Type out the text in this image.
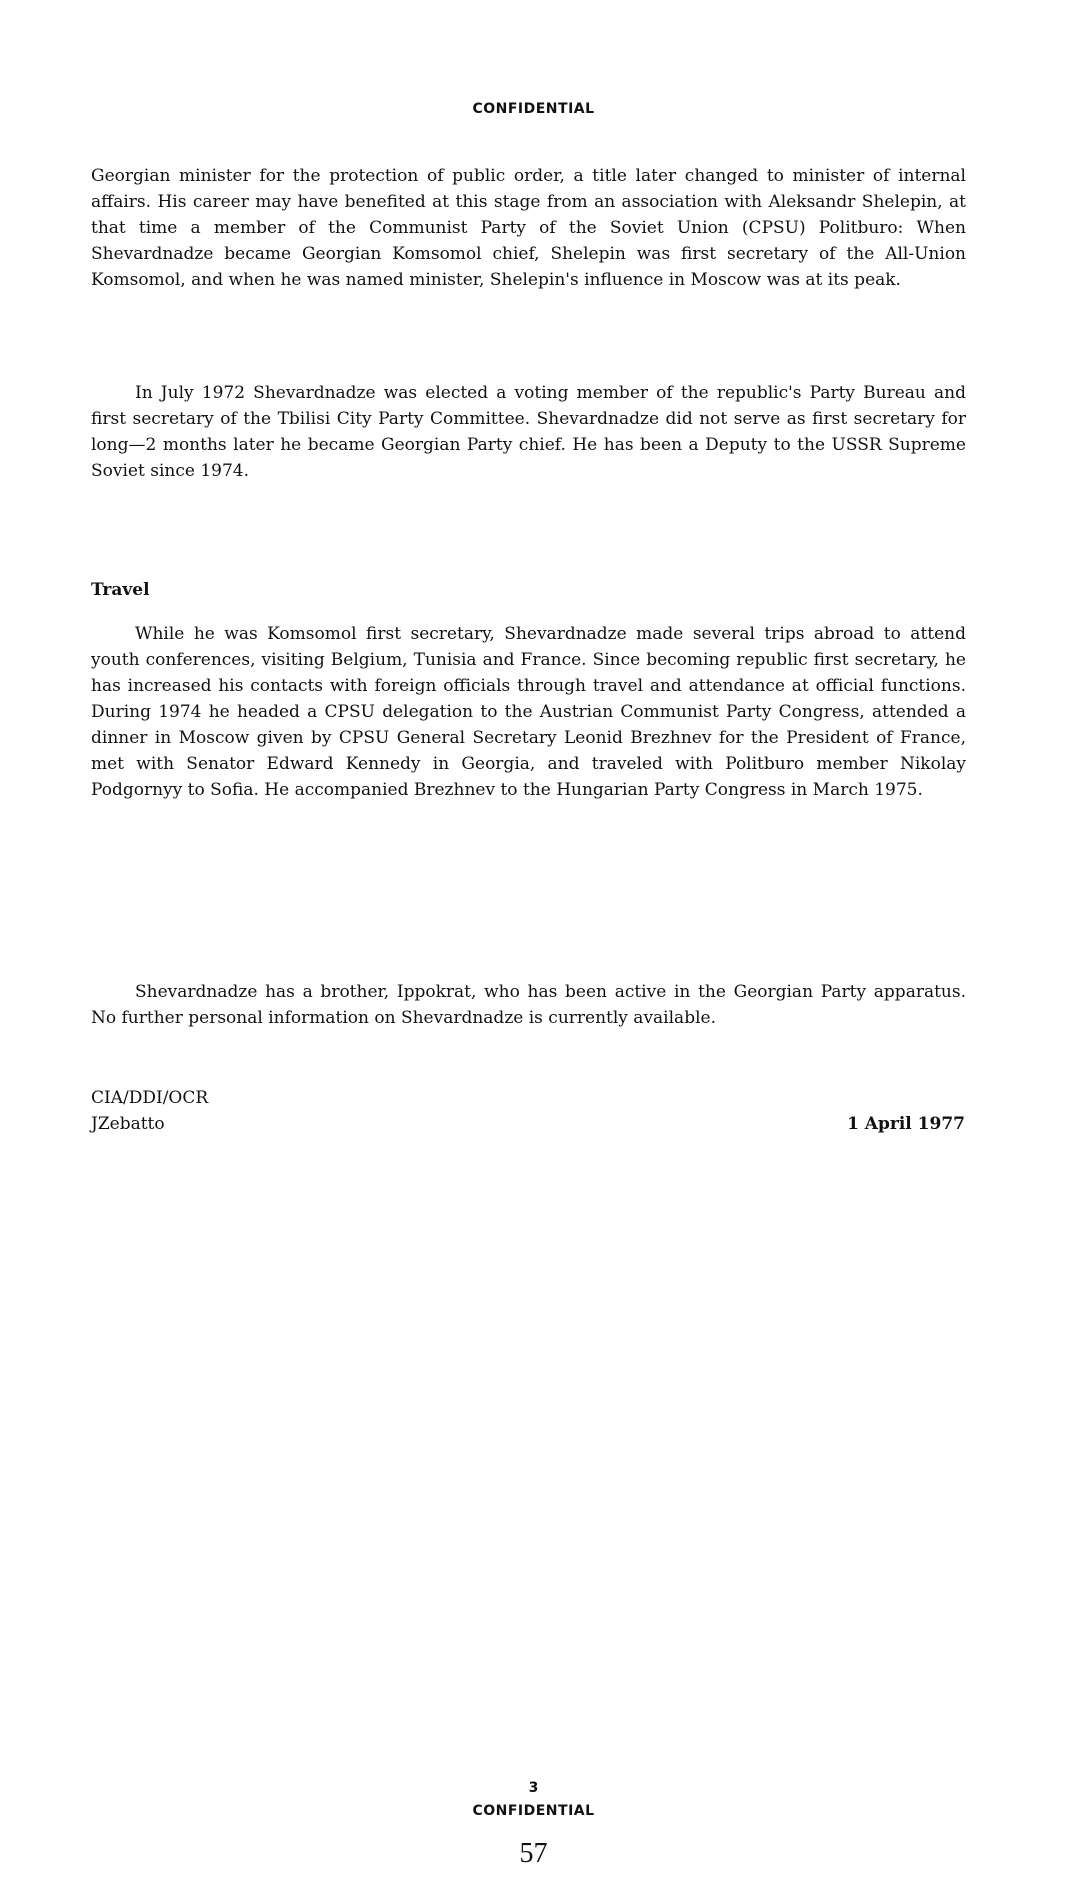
CONFIDENTIAL

Georgian minister for the protection of public order, a title later changed to minister of internal affairs. His career may have benefited at this stage from an association with Aleksandr Shelepin, at that time a member of the Communist Party of the Soviet Union (CPSU) Politburo: When Shevardnadze became Georgian Komsomol chief, Shelepin was first secretary of the All-Union Komsomol, and when he was named minister, Shelepin's influence in Moscow was at its peak.

In July 1972 Shevardnadze was elected a voting member of the republic's Party Bureau and first secretary of the Tbilisi City Party Committee. Shevardnadze did not serve as first secretary for long—2 months later he became Georgian Party chief. He has been a Deputy to the USSR Supreme Soviet since 1974.

Travel

While he was Komsomol first secretary, Shevardnadze made several trips abroad to attend youth conferences, visiting Belgium, Tunisia and France. Since becoming republic first secretary, he has increased his contacts with foreign officials through travel and attendance at official functions. During 1974 he headed a CPSU delegation to the Austrian Communist Party Congress, attended a dinner in Moscow given by CPSU General Secretary Leonid Brezhnev for the President of France, met with Senator Edward Kennedy in Georgia, and traveled with Politburo member Nikolay Podgornyy to Sofia. He accompanied Brezhnev to the Hungarian Party Congress in March 1975.

Shevardnadze has a brother, Ippokrat, who has been active in the Georgian Party apparatus. No further personal information on Shevardnadze is currently available.

CIA/DDI/OCR
JZebatto	1 April 1977
3
CONFIDENTIAL
57
